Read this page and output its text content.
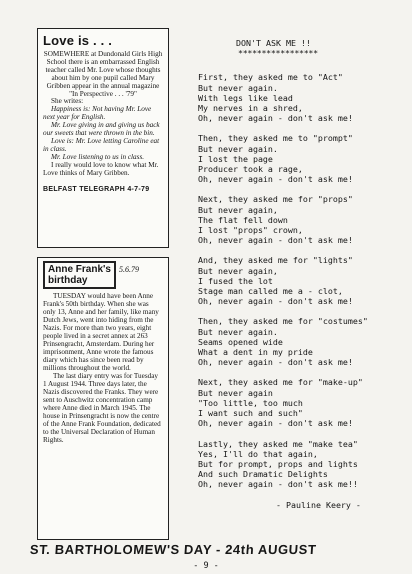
Love is . . .

SOMEWHERE at Dundonald Girls High School there is an embarrassed English teacher called Mr. Love whose thoughts about him by one pupil called Mary Gribben appear in the annual magazine "In Perspective . . . '79"

She writes:

Happiness is: Not having Mr. Love next year for English.

Mr. Love giving in and giving us back our sweets that were thrown in the bin.

Love is: Mr. Love letting Caroline eat in class.

Mr. Love listening to us in class.

I really would love to know what Mr. Love thinks of Mary Gribben.

BELFAST TELEGRAPH 4-7-79
Anne Frank's
birthday
5.6.79

TUESDAY would have been Anne Frank's 50th birthday. When she was only 13, Anne and her family, like many Dutch Jews, went into hiding from the Nazis. For more than two years, eight people lived in a secret annex at 263 Prinsengracht, Amsterdam. During her imprisonment, Anne wrote the famous diary which has since been read by millions throughout the world.

The last diary entry was for Tuesday 1 August 1944. Three days later, the Nazis discovered the Franks. They were sent to Auschwitz concentration camp where Anne died in March 1945. The house in Prinsengracht is now the centre of the Anne Frank Foundation, dedicated to the Universal Declaration of Human Rights.

DON'T ASK ME !!
*****************
First, they asked me to "Act"
But never again.
With legs like lead
My nerves in a shred,
Oh, never again - don't ask me!
Then, they asked me to "prompt"
But never again.
I lost the page
Producer took a rage,
Oh, never again - don't ask me!
Next, they asked me for "props"
But never again,
The flat fell down
I lost "props" crown,
Oh, never again - don't ask me!
And, they asked me for "lights"
But never again,
I fused the lot
Stage man called me a - clot,
Oh, never again - don't ask me!
Then, they asked me for "costumes"
But never again.
Seams opened wide
What a dent in my pride
Oh, never again - don't ask me!
Next, they asked me for "make-up"
But never again
"Too little, too much
I want such and such"
Oh, never again - don't ask me!
Lastly, they asked me "make tea"
Yes, I'll do that again,
But for prompt, props and lights
And such Dramatic Delights
Oh, never again - don't ask me!!
- Pauline Keery -
ST. BARTHOLOMEW'S DAY - 24th AUGUST
- 9 -
